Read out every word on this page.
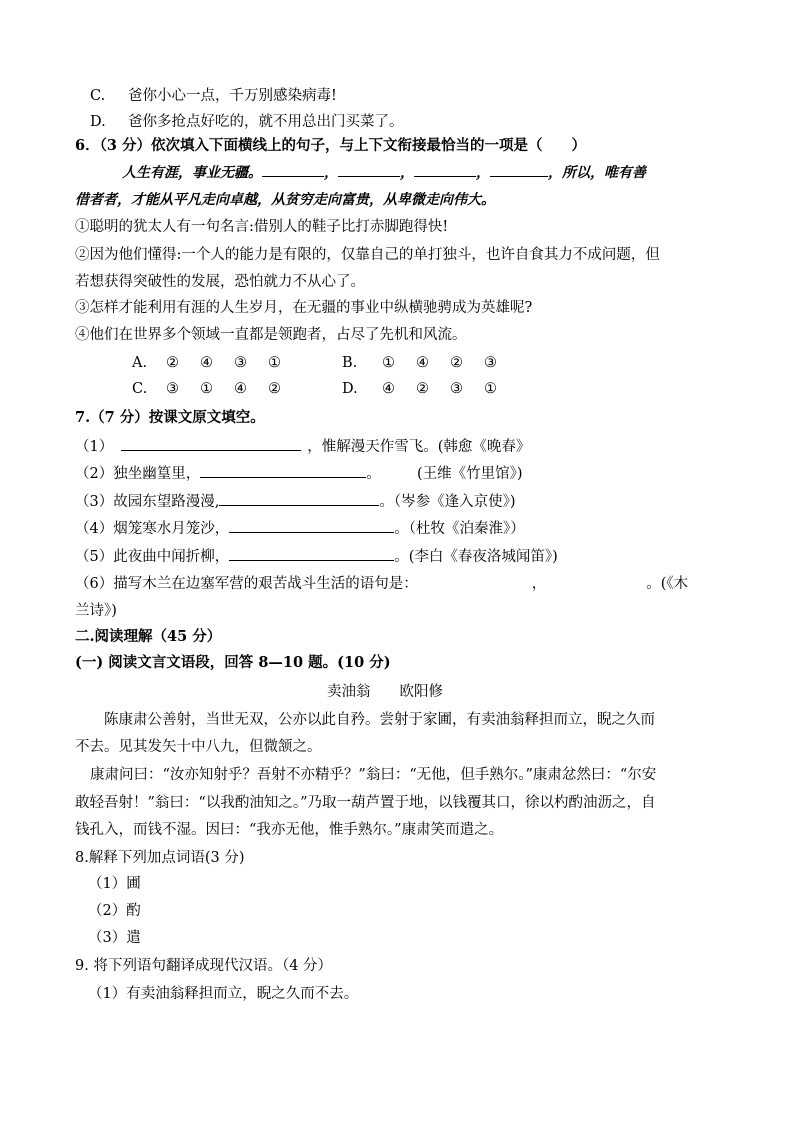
C. 爸你小心一点，千万别感染病毒!
D. 爸你多抢点好吃的，就不用总出门买菜了。
6．（3 分）依次填入下面横线上的句子，与上下文衔接最恰当的一项是（　　）
人生有涯，事业无疆。	，	，	，	，所以，唯有善
借者者，才能从平凡走向卓越，从贫穷走向富贵，从卑微走向伟大。
①聪明的犹太人有一句名言:借别人的鞋子比打赤脚跑得快!
②因为他们懂得:一个人的能力是有限的，仅靠自己的单打独斗，也许自食其力不成问题，但
若想获得突破性的发展，恐怕就力不从心了。
③怎样才能利用有涯的人生岁月，在无疆的事业中纵横驰骋成为英雄呢?
④他们在世界多个领域一直都是领跑者，占尽了先机和风流。
A. ② ④ ③ ①	B. ① ④ ② ③
C. ③ ① ④ ②	D. ④ ② ③ ①
7.（7 分）按课文原文填空。
（1）	，惟解漫天作雪飞。(韩愈《晚春》
（2）独坐幽篁里，	。　　　(王维《竹里馆》)
（3）故园东望路漫漫,	。（岑参《逢入京使》)
（4）烟笼寒水月笼沙，	。（杜牧《泊秦淮》）
（5）此夜曲中闻折柳，	。(李白《春夜洛城闻笛》)
（6）描写木兰在边塞军营的艰苦战斗生活的语句是：	，	。(《木
兰诗》)
二.阅读理解（45 分）
(一) 阅读文言文语段，回答 8—10 题。(10 分)
卖油翁　　欧阳修
陈康肃公善射，当世无双，公亦以此自矜。尝射于家圃，有卖油翁释担而立，睨之久而
不去。见其发矢十中八九，但微颔之。
康肃问曰：“汝亦知射乎？吾射不亦精乎？”翁曰：“无他，但手熟尔。”康肃忿然曰：“尔安
敢轻吾射！”翁曰：“以我酌油知之。”乃取一葫芦置于地，以钱覆其口，徐以杓酌油沥之，自
钱孔入，而钱不湿。因曰：“我亦无他，惟手熟尔。”康肃笑而遣之。
8.解释下列加点词语(3 分)
（1）圃
（2）酌
（3）遣
9. 将下列语句翻译成现代汉语。（4 分）
（1）有卖油翁释担而立，睨之久而不去。
